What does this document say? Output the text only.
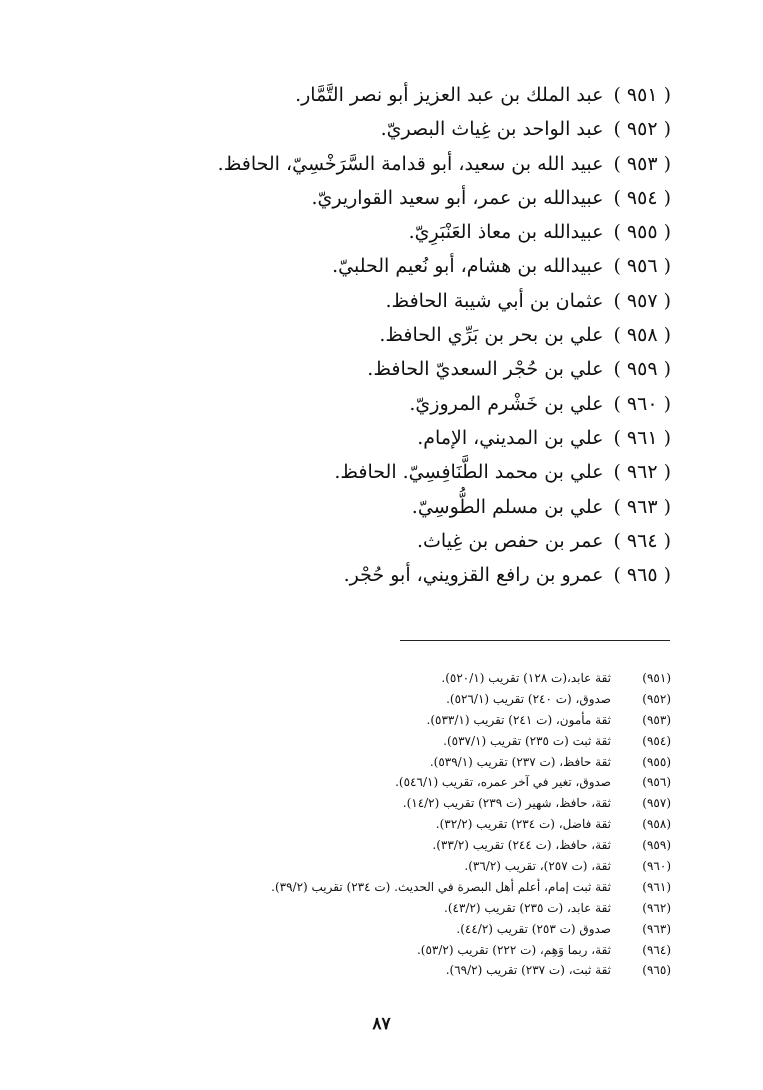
( ٩٥١ )عبد الملك بن عبد العزيز أبو نصر التَّمَّار.
( ٩٥٢ )عبد الواحد بن غِياث البصريّ.
( ٩٥٣ )عبيد الله بن سعيد، أبو قدامة السَّرَخْسِيّ، الحافظ.
( ٩٥٤ )عبيدالله بن عمر، أبو سعيد القواريريّ.
( ٩٥٥ )عبيدالله بن معاذ العَنْبَرِيّ.
( ٩٥٦ )عبيدالله بن هشام، أبو نُعيم الحلبيّ.
( ٩٥٧ )عثمان بن أبي شيبة الحافظ.
( ٩٥٨ )علي بن بحر بن بَرِّي الحافظ.
( ٩٥٩ )علي بن حُجْر السعديّ الحافظ.
( ٩٦٠ )علي بن خَشْرم المروزيّ.
( ٩٦١ )علي بن المديني، الإمام.
( ٩٦٢ )علي بن محمد الطَّنَافِسِيّ. الحافظ.
( ٩٦٣ )علي بن مسلم الطُّوسِيّ.
( ٩٦٤ )عمر بن حفص بن غِياث.
( ٩٦٥ )عمرو بن رافع القزويني، أبو حُجْر.
(٩٥١)ثقة عابد،(ت ١٢٨) تقريب (٥٢٠/١).
(٩٥٢)صدوق، (ت ٢٤٠) تقريب (٥٢٦/١).
(٩٥٣)ثقة مأمون، (ت ٢٤١) تقريب (٥٣٣/١).
(٩٥٤)ثقة ثبت (ت ٢٣٥) تقريب (٥٣٧/١).
(٩٥٥)ثقة حافظ، (ت ٢٣٧) تقريب (٥٣٩/١).
(٩٥٦)صدوق، تغير في آخر عمره، تقريب (٥٤٦/١).
(٩٥٧)ثقة، حافظ، شهير (ت ٢٣٩) تقريب (١٤/٢).
(٩٥٨)ثقة فاضل، (ت ٢٣٤) تقريب (٣٢/٢).
(٩٥٩)ثقة، حافظ، (ت ٢٤٤) تقريب (٣٣/٢).
(٩٦٠)ثقة، (ت ٢٥٧)، تقريب (٣٦/٢).
(٩٦١)ثقة ثبت إمام، أعلم أهل البصرة في الحديث. (ت ٢٣٤) تقريب (٣٩/٢).
(٩٦٢)ثقة عابد، (ت ٢٣٥) تقريب (٤٣/٢).
(٩٦٣)صدوق (ت ٢٥٣) تقريب (٤٤/٢).
(٩٦٤)ثقة، ربما وَهِم، (ت ٢٢٢) تقريب (٥٣/٢).
(٩٦٥)ثقة ثبت، (ت ٢٣٧) تقريب (٦٩/٢).
٨٧
